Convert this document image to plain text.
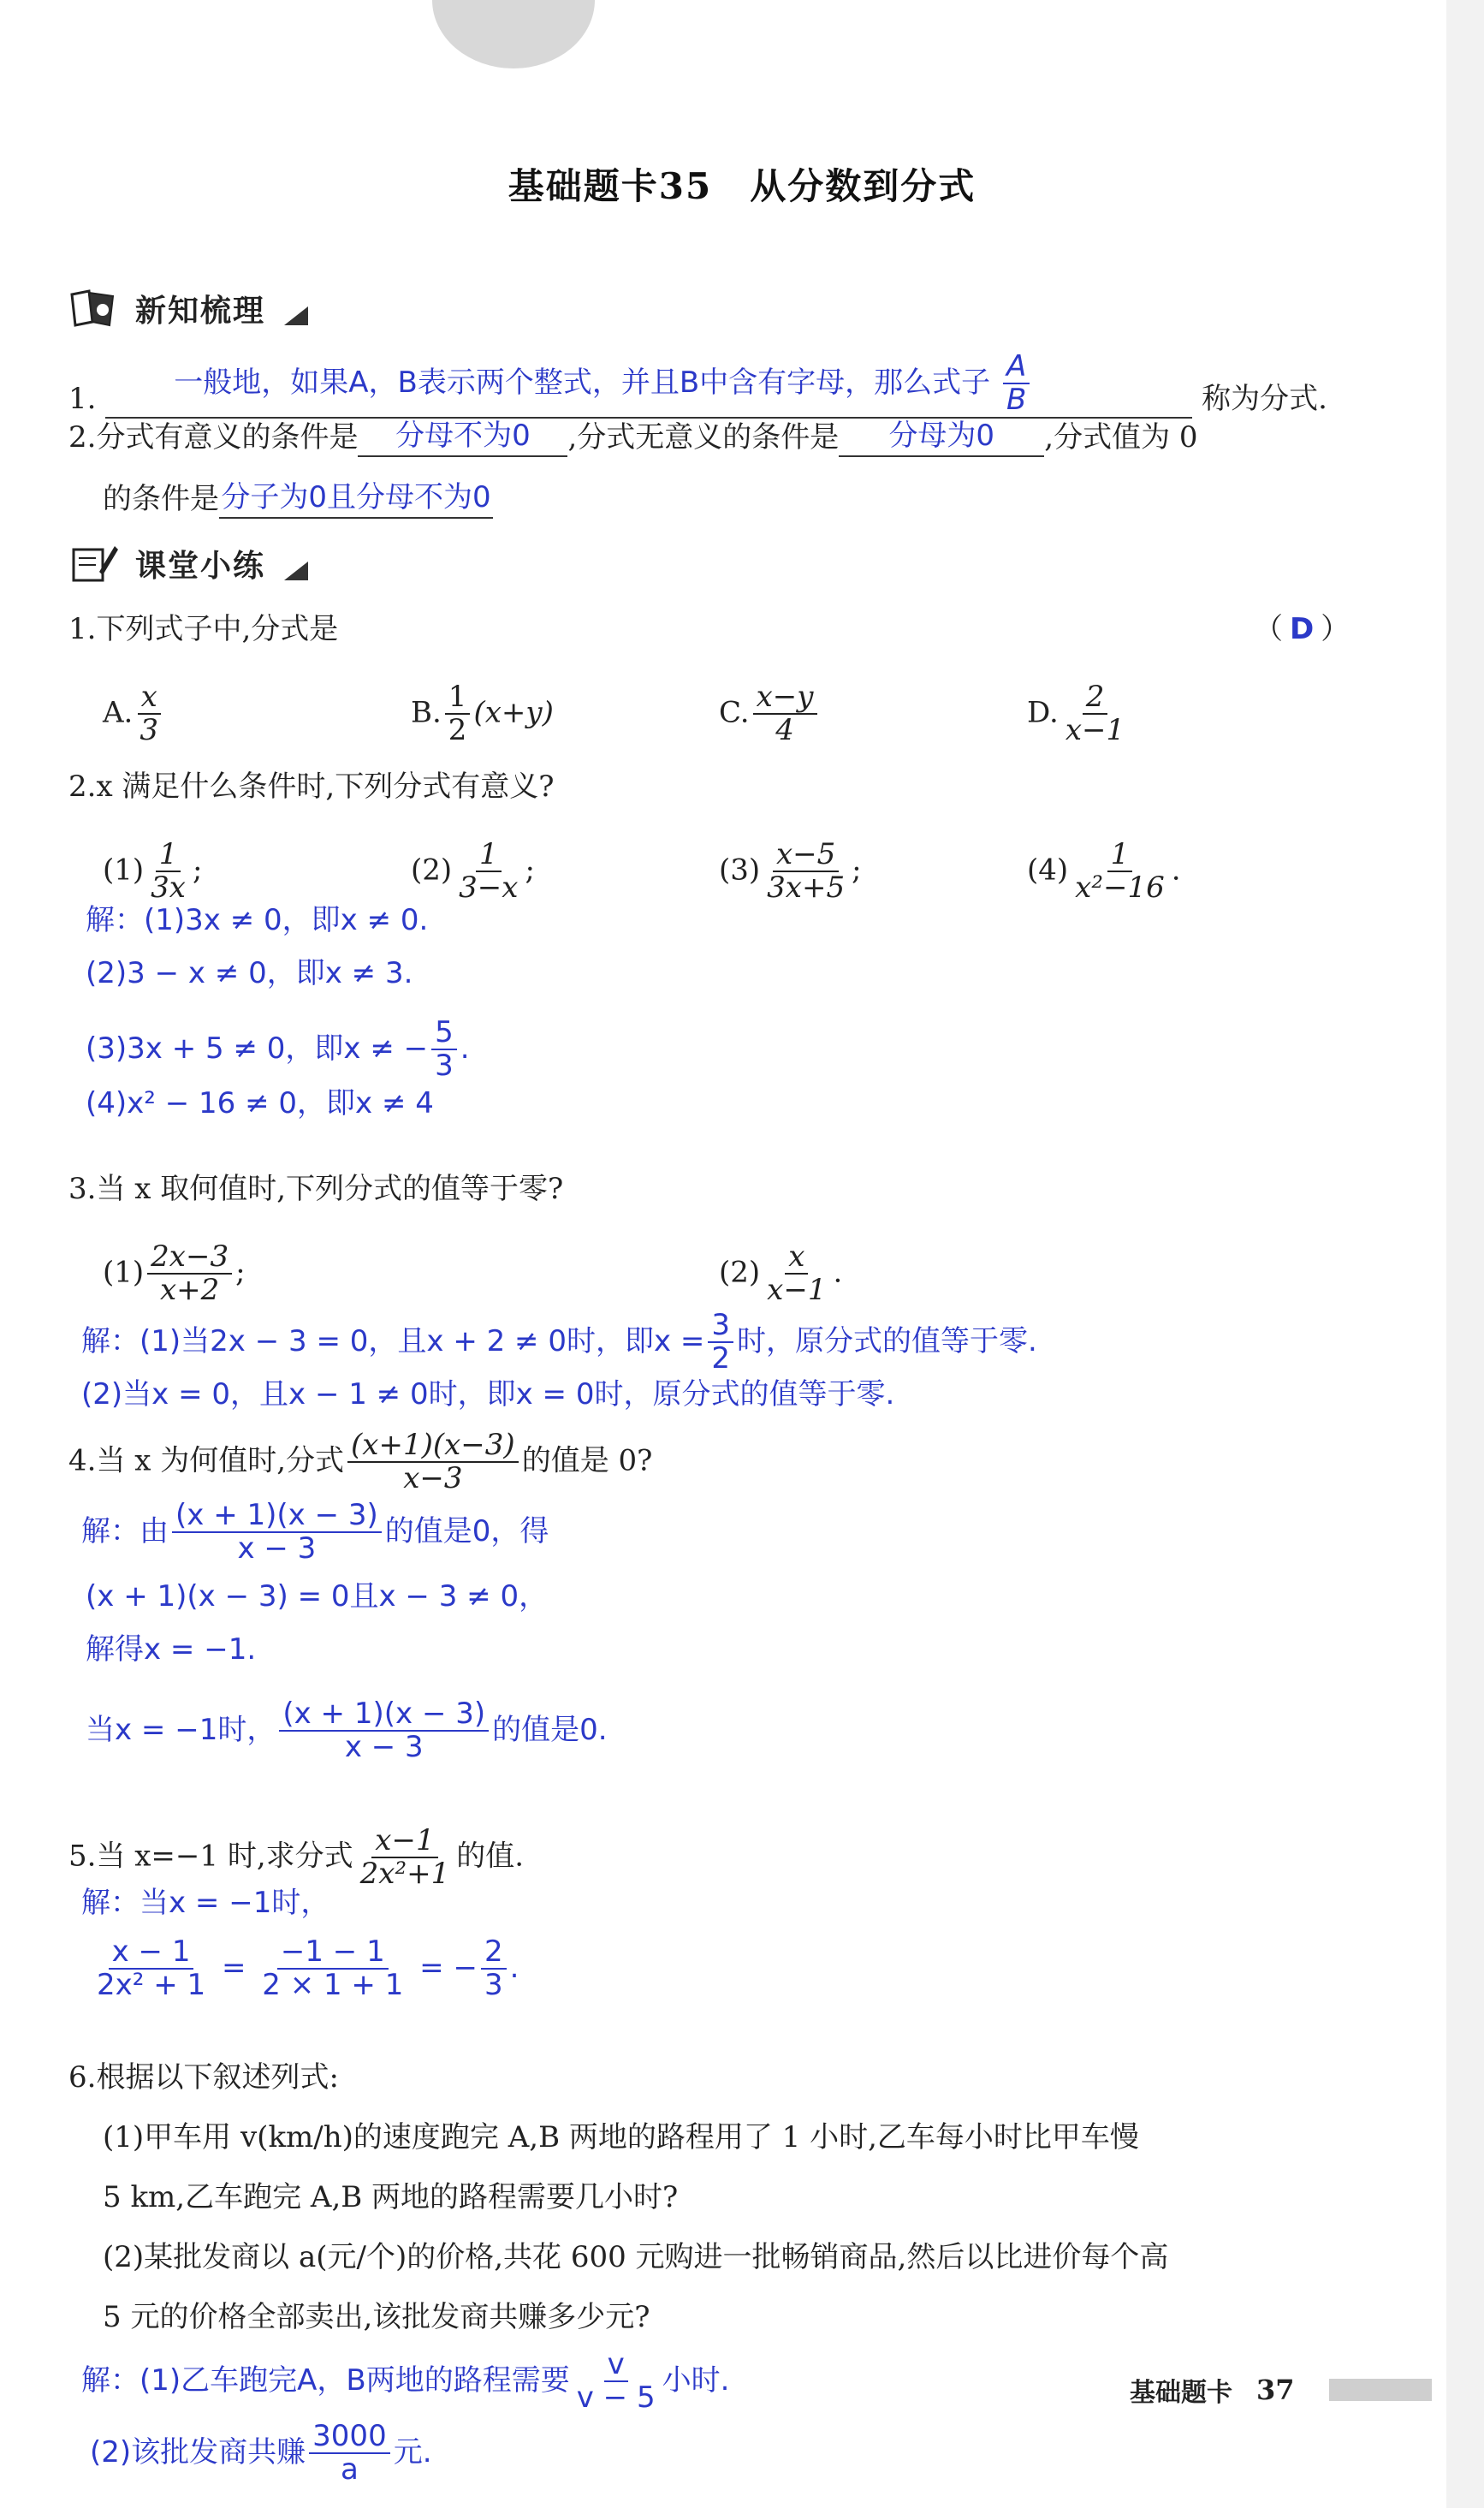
基础题卡35　从分数到分式
新知梳理
1.	一般地，如果A，B表示两个整式，并且B中含有字母，那么式子 $\frac{A}{B}$	称为分式.
2.分式有意义的条件是 分母不为0 ,分式无意义的条件是 分母为0 ,分式值为 0
的条件是分子为0且分母不为0
课堂小练
1.下列式子中,分式是	（ D ）
A. $\frac{x}{3}$	B. $\frac{1}{2} (x+y)$	C. $\frac{x-y}{4}$	D. $\frac{2}{x-1}$
2.x 满足什么条件时,下列分式有意义?
$(1) \frac{1}{3x}$ ;	$(2) \frac{1}{3-x}$ ;	$(3) \frac{x-5}{3x+5}$ ;	$(4) \frac{1}{\text{x²−16}}$ .
解：(1)3x ≠ 0，即x ≠ 0.
(2)3 − x ≠ 0，即x ≠ 3.
(3)3x + 5 ≠ 0，即x ≠ − $\frac{5}{3}$ .
(4)x² − 16 ≠ 0，即x ≠ 4
3.当 x 取何值时,下列分式的值等于零?
$(1) \frac{2x-3}{x+2}$ ;	$(2) \frac{x}{x-1}$ .
解：(1)当2x − 3 = 0，且x + 2 ≠ 0时，即$x = \frac{3}{2}$ 时，原分式的值等于零.
(2)当x = 0，且x − 1 ≠ 0时，即x = 0时，原分式的值等于零.
4.当 x 为何值时,分式 $\frac{(x+1)(x-3)}{x-3}$ 的值是 0?
解：由 $\frac{(x + 1)(x - 3)}{x - 3}$ 的值是0，得
(x + 1)(x − 3) = 0且x − 3 ≠ 0，
解得x = −1.
当x = −1时， $\frac{(x + 1)(x - 3)}{x - 3}$ 的值是0.
5.当 x=−1 时,求分式 $\frac{x-1}{\text{2x²+1}}$ 的值.
解：当x = −1时，
$\frac{x - 1}{\text{2x² + 1}} = \frac{-1 - 1}{2 \times 1 + 1}$ = − $\frac{2}{3}$ .
6.根据以下叙述列式:
(1)甲车用 v(km/h)的速度跑完 A,B 两地的路程用了 1 小时,乙车每小时比甲车慢
5 km,乙车跑完 A,B 两地的路程需要几小时?
(2)某批发商以 a(元/个)的价格,共花 600 元购进一批畅销商品,然后以比进价每个高
5 元的价格全部卖出,该批发商共赚多少元?
解：(1)乙车跑完A，B两地的路程需要 $\frac{v}{v - 5}$ 小时.
(2)该批发商共赚 $\frac{3000}{a}$ 元.
基础题卡 37
